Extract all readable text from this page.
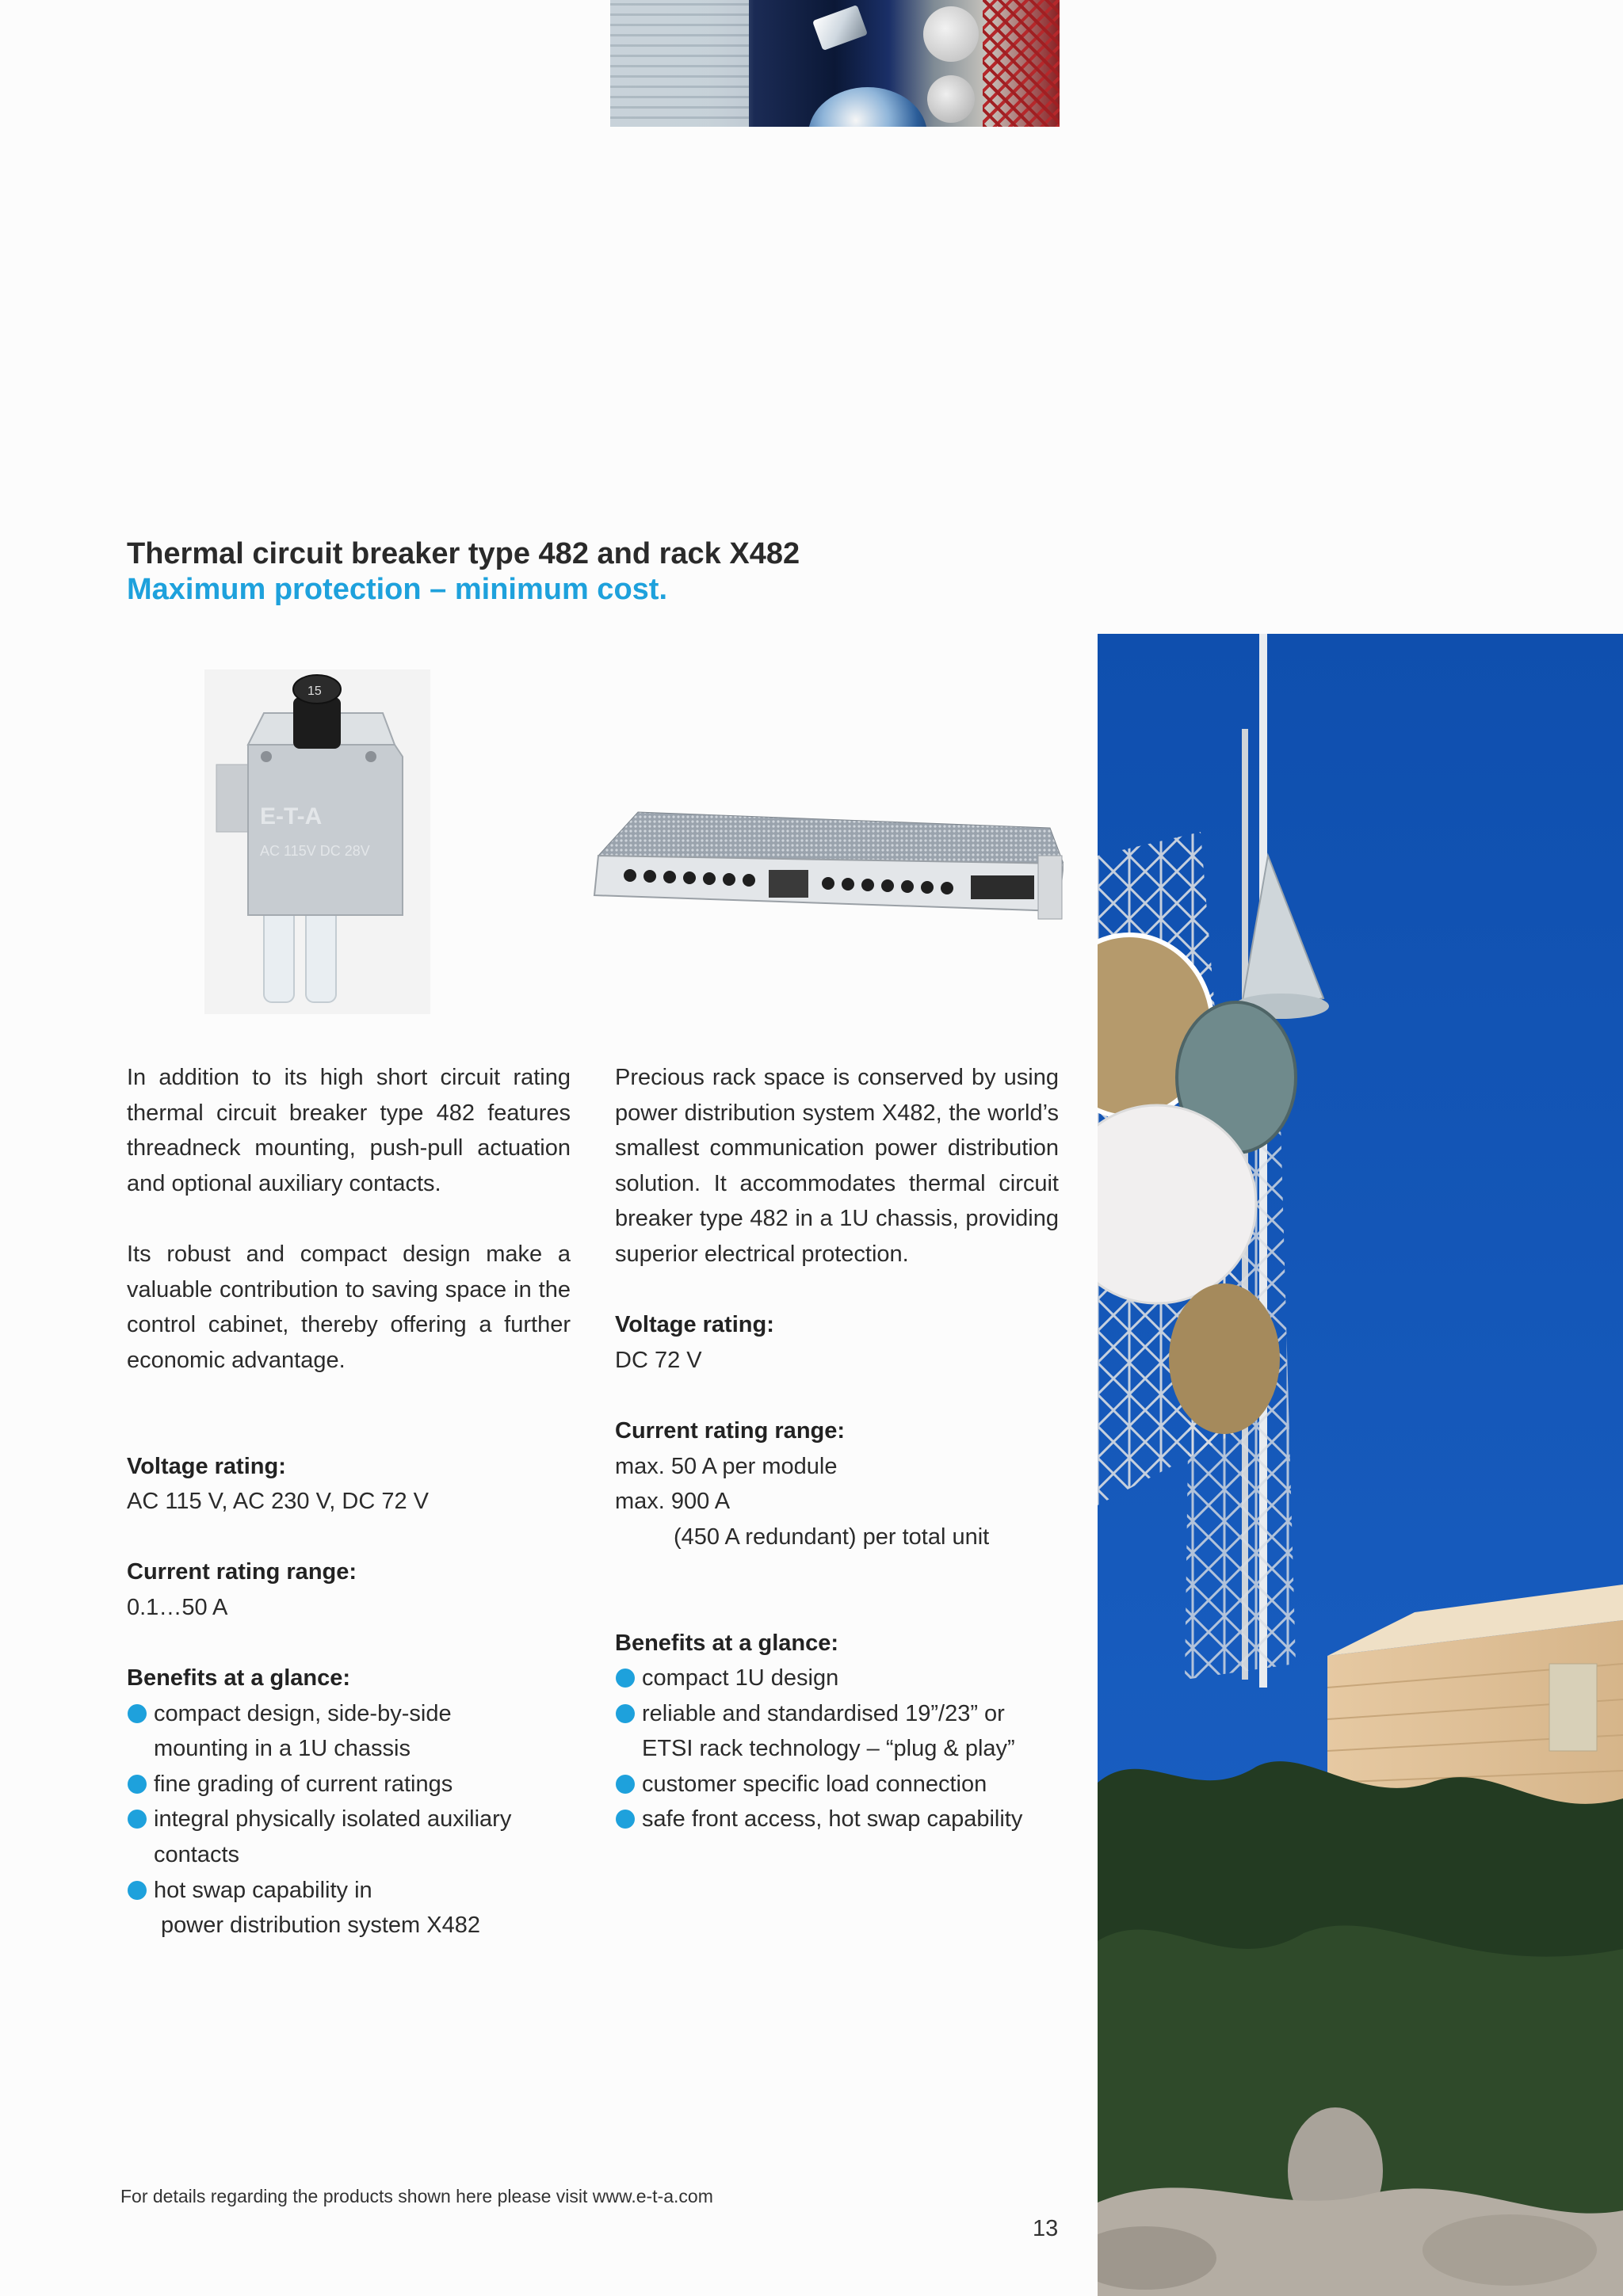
Thermal circuit breaker type 482 and rack X482
Maximum protection – minimum cost.
E-T-A
AC 115V DC 28V
15

In addition to its high short circuit rating thermal circuit breaker type 482 features threadneck mounting, push-pull actuation and optional auxiliary contacts.

Its robust and compact design make a valuable contribution to saving space in the control cabinet, thereby offering a further economic advantage.

Voltage rating:

AC 115 V, AC 230 V, DC 72 V

Current rating range:

0.1…50 A

Benefits at a glance:

compact design, side-by-side
mounting in a 1U chassis
fine grading of current ratings
integral physically isolated auxiliary
contacts
hot swap capability in
power distribution system X482

Precious rack space is conserved by using power distribution system X482, the world’s smallest communication power distribution solution. It accommodates thermal circuit breaker type 482 in a 1U chassis, providing superior electrical protection.

Voltage rating:

DC 72 V

Current rating range:

max. 50 A per module

max. 900 A

(450 A redundant) per total unit

Benefits at a glance:

compact 1U design
reliable and standardised 19”/23” or
ETSI rack technology – “plug & play”
customer specific load connection
safe front access, hot swap capability
For details regarding the products shown here please visit www.e-t-a.com
13
